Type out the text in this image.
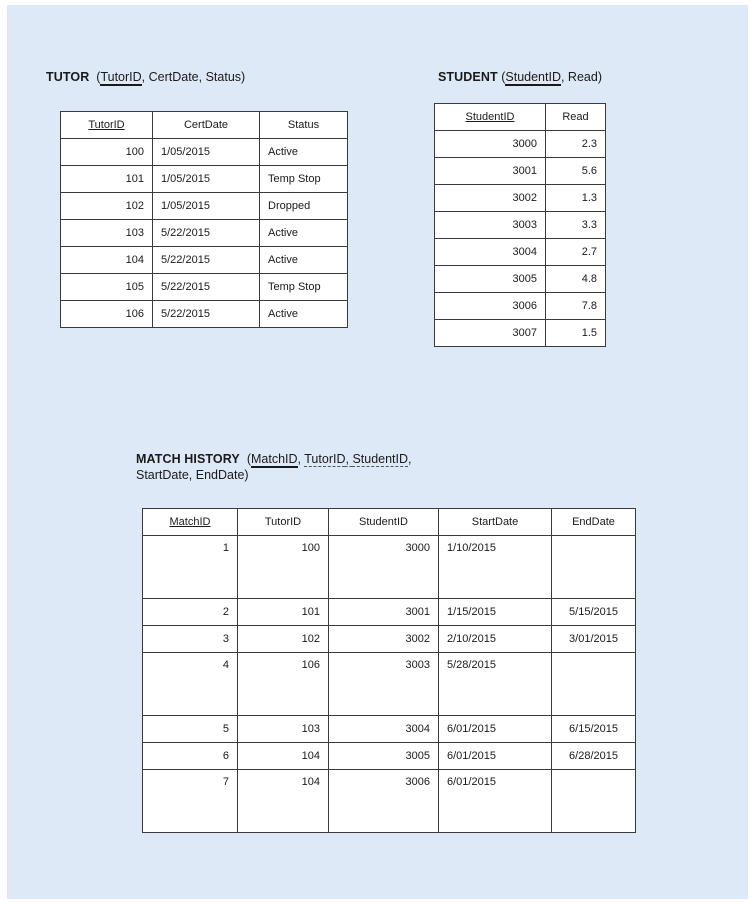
TUTOR (TutorID, CertDate, Status)
TutorID	CertDate	Status
100	1/05/2015	Active
101	1/05/2015	Temp Stop
102	1/05/2015	Dropped
103	5/22/2015	Active
104	5/22/2015	Active
105	5/22/2015	Temp Stop
106	5/22/2015	Active
STUDENT (StudentID, Read)
StudentID	Read
3000	2.3
3001	5.6
3002	1.3
3003	3.3
3004	2.7
3005	4.8
3006	7.8
3007	1.5
MATCH HISTORY (MatchID, TutorID, StudentID,
StartDate, EndDate)
MatchID	TutorID	StudentID	StartDate	EndDate
1	100	3000	1/10/2015	
2	101	3001	1/15/2015	5/15/2015
3	102	3002	2/10/2015	3/01/2015
4	106	3003	5/28/2015	
5	103	3004	6/01/2015	6/15/2015
6	104	3005	6/01/2015	6/28/2015
7	104	3006	6/01/2015	
